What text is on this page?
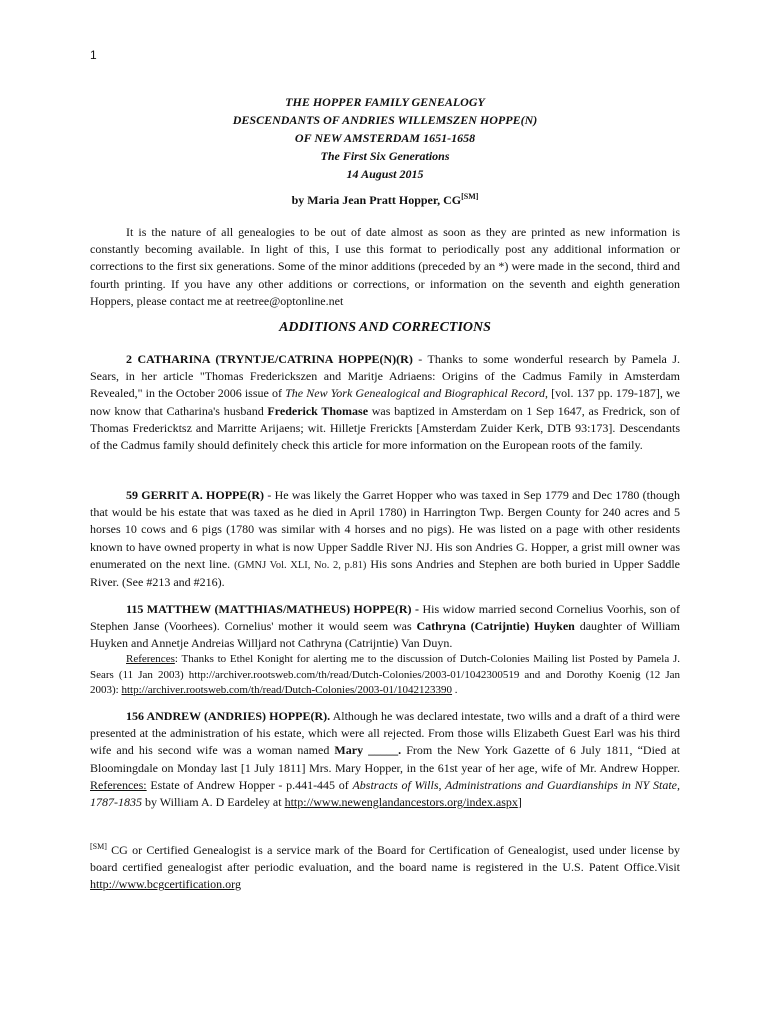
1
THE HOPPER FAMILY GENEALOGY
DESCENDANTS OF ANDRIES WILLEMSZEN HOPPE(N)
OF NEW AMSTERDAM 1651-1658
The First Six Generations
14 August 2015
by Maria Jean Pratt Hopper, CG[SM]

It is the nature of all genealogies to be out of date almost as soon as they are printed as new information is constantly becoming available. In light of this, I use this format to periodically post any additional information or corrections to the first six generations. Some of the minor additions (preceded by an *) were made in the second, third and fourth printing. If you have any other additions or corrections, or information on the seventh and eighth generation Hoppers, please contact me at reetree@optonline.net

ADDITIONS AND CORRECTIONS

2 CATHARINA (TRYNTJE/CATRINA HOPPE(N)(R) - Thanks to some wonderful research by Pamela J. Sears, in her article "Thomas Frederickszen and Maritje Adriaens: Origins of the Cadmus Family in Amsterdam Revealed," in the October 2006 issue of The New York Genealogical and Biographical Record, [vol. 137 pp. 179-187], we now know that Catharina's husband Frederick Thomase was baptized in Amsterdam on 1 Sep 1647, as Fredrick, son of Thomas Fredericktsz and Marritte Arijaens; wit. Hilletje Frerickts [Amsterdam Zuider Kerk, DTB 93:173]. Descendants of the Cadmus family should definitely check this article for more information on the European roots of the family.

59 GERRIT A. HOPPE(R) - He was likely the Garret Hopper who was taxed in Sep 1779 and Dec 1780 (though that would be his estate that was taxed as he died in April 1780) in Harrington Twp. Bergen County for 240 acres and 5 horses 10 cows and 6 pigs (1780 was similar with 4 horses and no pigs). He was listed on a page with other residents known to have owned property in what is now Upper Saddle River NJ. His son Andries G. Hopper, a grist mill owner was enumerated on the next line. (GMNJ Vol. XLI, No. 2, p.81) His sons Andries and Stephen are both buried in Upper Saddle River. (See #213 and #216).

115 MATTHEW (MATTHIAS/MATHEUS) HOPPE(R) - His widow married second Cornelius Voorhis, son of Stephen Janse (Voorhees). Cornelius' mother it would seem was Cathryna (Catrijntie) Huyken daughter of William Huyken and Annetje Andreias Willjard not Cathryna (Catrijntie) Van Duyn.

References: Thanks to Ethel Konight for alerting me to the discussion of Dutch-Colonies Mailing list Posted by Pamela J. Sears (11 Jan 2003) http://archiver.rootsweb.com/th/read/Dutch-Colonies/2003-01/1042300519 and and Dorothy Koenig (12 Jan 2003): http://archiver.rootsweb.com/th/read/Dutch-Colonies/2003-01/1042123390 .

156 ANDREW (ANDRIES) HOPPE(R). Although he was declared intestate, two wills and a draft of a third were presented at the administration of his estate, which were all rejected. From those wills Elizabeth Guest Earl was his third wife and his second wife was a woman named Mary _____. From the New York Gazette of 6 July 1811, “Died at Bloomingdale on Monday last [1 July 1811] Mrs. Mary Hopper, in the 61st year of her age, wife of Mr. Andrew Hopper. References: Estate of Andrew Hopper - p.441-445 of Abstracts of Wills, Administrations and Guardianships in NY State, 1787-1835 by William A. D Eardeley at http://www.newenglandancestors.org/index.aspx]

[SM] CG or Certified Genealogist is a service mark of the Board for Certification of Genealogist, used under license by board certified genealogist after periodic evaluation, and the board name is registered in the U.S. Patent Office.Visit http://www.bcgcertification.org
